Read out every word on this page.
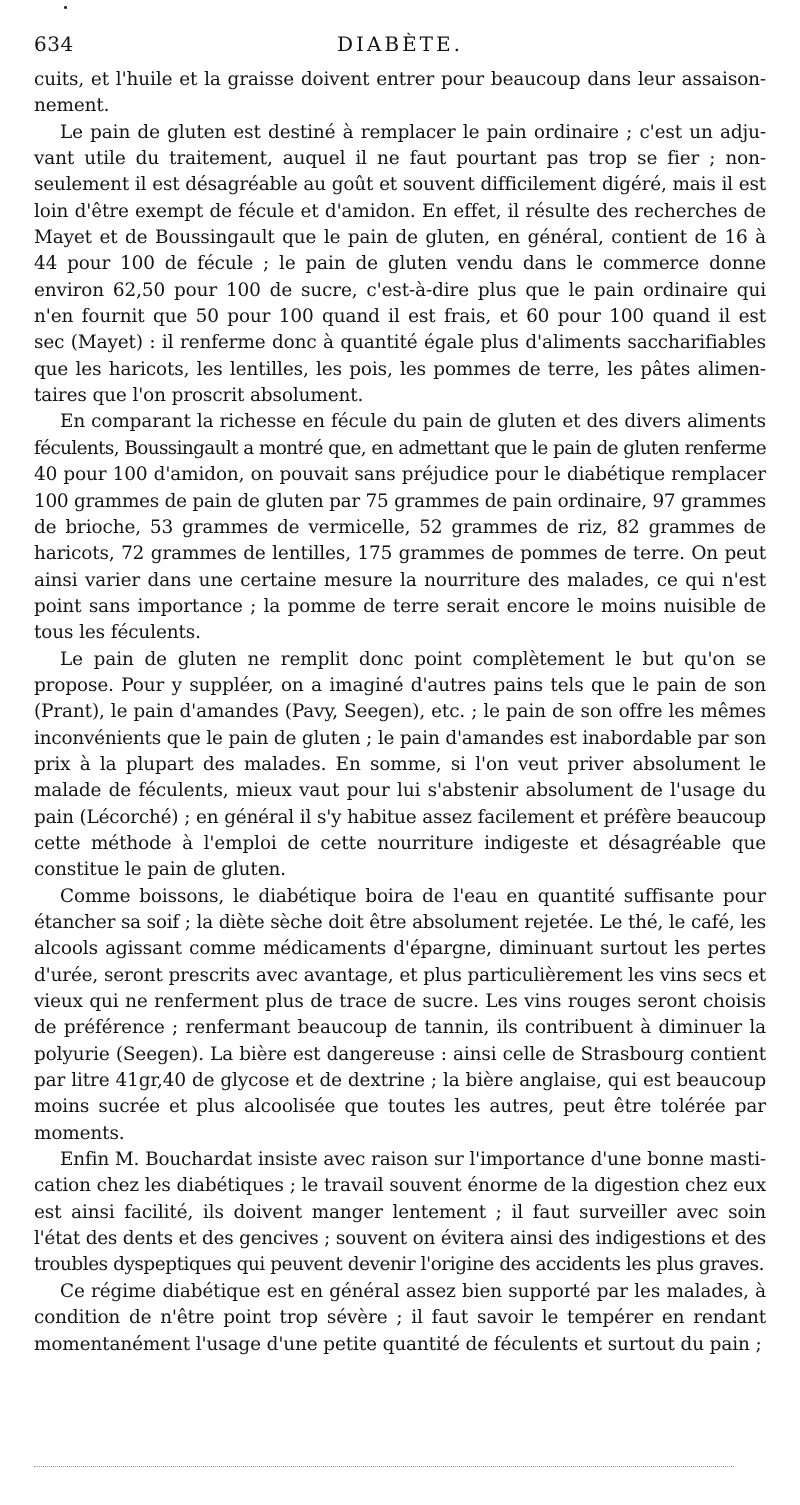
634	DIABÈTE.

cuits, et l'huile et la graisse doivent entrer pour beaucoup dans leur assaison-
nement.

Le pain de gluten est destiné à remplacer le pain ordinaire ; c'est un adju-
vant utile du traitement, auquel il ne faut pourtant pas trop se fier ; non-
seulement il est désagréable au goût et souvent difficilement digéré, mais il est
loin d'être exempt de fécule et d'amidon. En effet, il résulte des recherches de
Mayet et de Boussingault que le pain de gluten, en général, contient de 16 à
44 pour 100 de fécule ; le pain de gluten vendu dans le commerce donne
environ 62,50 pour 100 de sucre, c'est-à-dire plus que le pain ordinaire qui
n'en fournit que 50 pour 100 quand il est frais, et 60 pour 100 quand il est
sec (Mayet) : il renferme donc à quantité égale plus d'aliments saccharifiables
que les haricots, les lentilles, les pois, les pommes de terre, les pâtes alimen-
taires que l'on proscrit absolument.

En comparant la richesse en fécule du pain de gluten et des divers aliments
féculents, Boussingault a montré que, en admettant que le pain de gluten renferme
40 pour 100 d'amidon, on pouvait sans préjudice pour le diabétique remplacer
100 grammes de pain de gluten par 75 grammes de pain ordinaire, 97 grammes
de brioche, 53 grammes de vermicelle, 52 grammes de riz, 82 grammes de
haricots, 72 grammes de lentilles, 175 grammes de pommes de terre. On peut
ainsi varier dans une certaine mesure la nourriture des malades, ce qui n'est
point sans importance ; la pomme de terre serait encore le moins nuisible de
tous les féculents.

Le pain de gluten ne remplit donc point complètement le but qu'on se
propose. Pour y suppléer, on a imaginé d'autres pains tels que le pain de son
(Prant), le pain d'amandes (Pavy, Seegen), etc. ; le pain de son offre les mêmes
inconvénients que le pain de gluten ; le pain d'amandes est inabordable par son
prix à la plupart des malades. En somme, si l'on veut priver absolument le
malade de féculents, mieux vaut pour lui s'abstenir absolument de l'usage du
pain (Lécorché) ; en général il s'y habitue assez facilement et préfère beaucoup
cette méthode à l'emploi de cette nourriture indigeste et désagréable que
constitue le pain de gluten.

Comme boissons, le diabétique boira de l'eau en quantité suffisante pour
étancher sa soif ; la diète sèche doit être absolument rejetée. Le thé, le café, les
alcools agissant comme médicaments d'épargne, diminuant surtout les pertes
d'urée, seront prescrits avec avantage, et plus particulièrement les vins secs et
vieux qui ne renferment plus de trace de sucre. Les vins rouges seront choisis
de préférence ; renfermant beaucoup de tannin, ils contribuent à diminuer la
polyurie (Seegen). La bière est dangereuse : ainsi celle de Strasbourg contient
par litre 41gr,40 de glycose et de dextrine ; la bière anglaise, qui est beaucoup
moins sucrée et plus alcoolisée que toutes les autres, peut être tolérée par
moments.

Enfin M. Bouchardat insiste avec raison sur l'importance d'une bonne masti-
cation chez les diabétiques ; le travail souvent énorme de la digestion chez eux
est ainsi facilité, ils doivent manger lentement ; il faut surveiller avec soin
l'état des dents et des gencives ; souvent on évitera ainsi des indigestions et des
troubles dyspeptiques qui peuvent devenir l'origine des accidents les plus graves.

Ce régime diabétique est en général assez bien supporté par les malades, à
condition de n'être point trop sévère ; il faut savoir le tempérer en rendant
momentanément l'usage d'une petite quantité de féculents et surtout du pain ;
